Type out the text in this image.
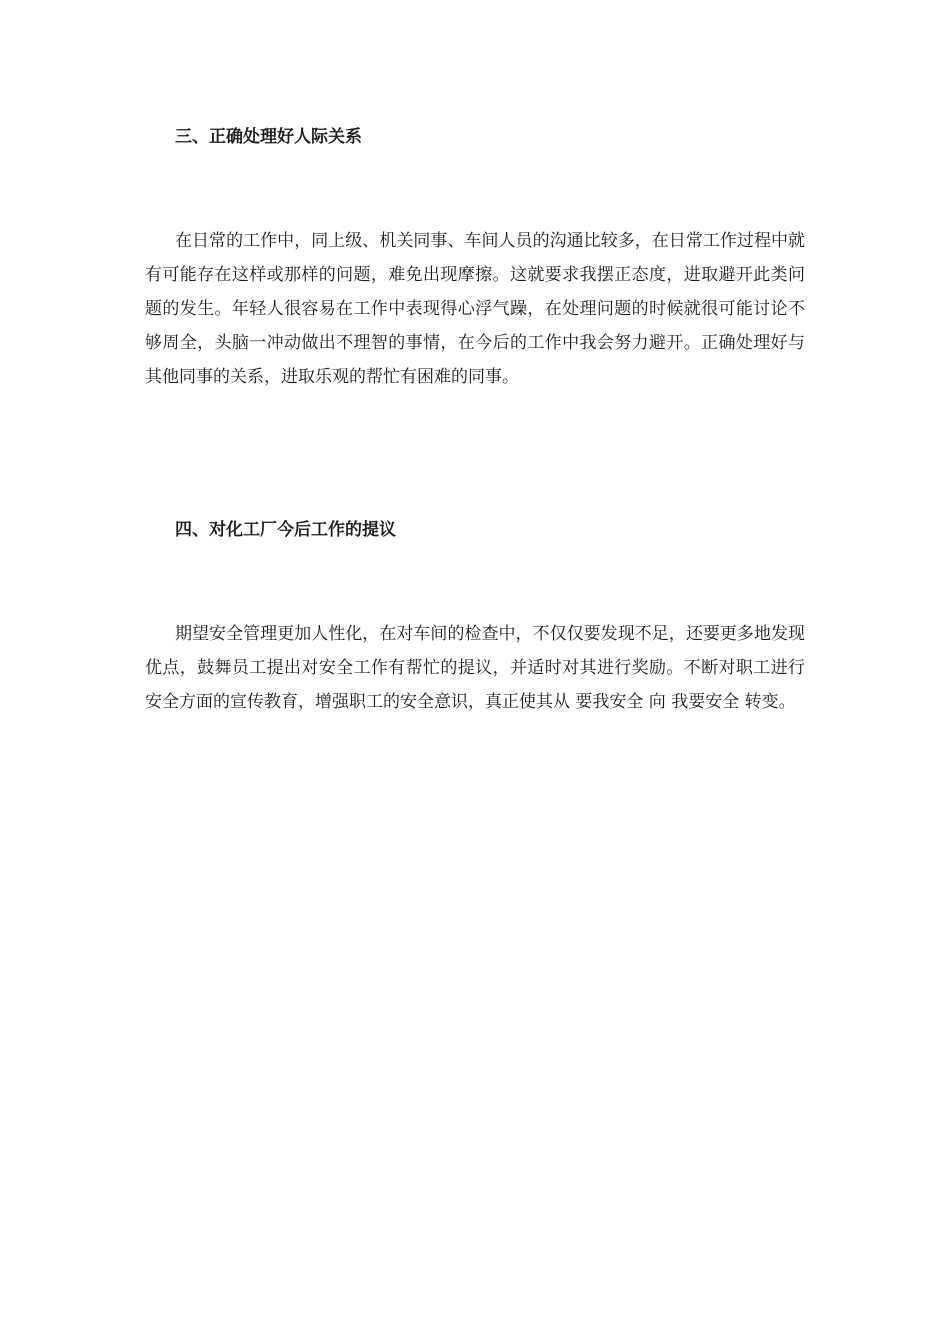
三、正确处理好人际关系

在日常的工作中，同上级、机关同事、车间人员的沟通比较多，在日常工作过程中就有可能存在这样或那样的问题，难免出现摩擦。这就要求我摆正态度，进取避开此类问题的发生。年轻人很容易在工作中表现得心浮气躁，在处理问题的时候就很可能讨论不够周全，头脑一冲动做出不理智的事情，在今后的工作中我会努力避开。正确处理好与其他同事的关系，进取乐观的帮忙有困难的同事。

四、对化工厂今后工作的提议

期望安全管理更加人性化，在对车间的检查中，不仅仅要发现不足，还要更多地发现优点，鼓舞员工提出对安全工作有帮忙的提议，并适时对其进行奖励。不断对职工进行安全方面的宣传教育，增强职工的安全意识，真正使其从 要我安全 向 我要安全 转变。
